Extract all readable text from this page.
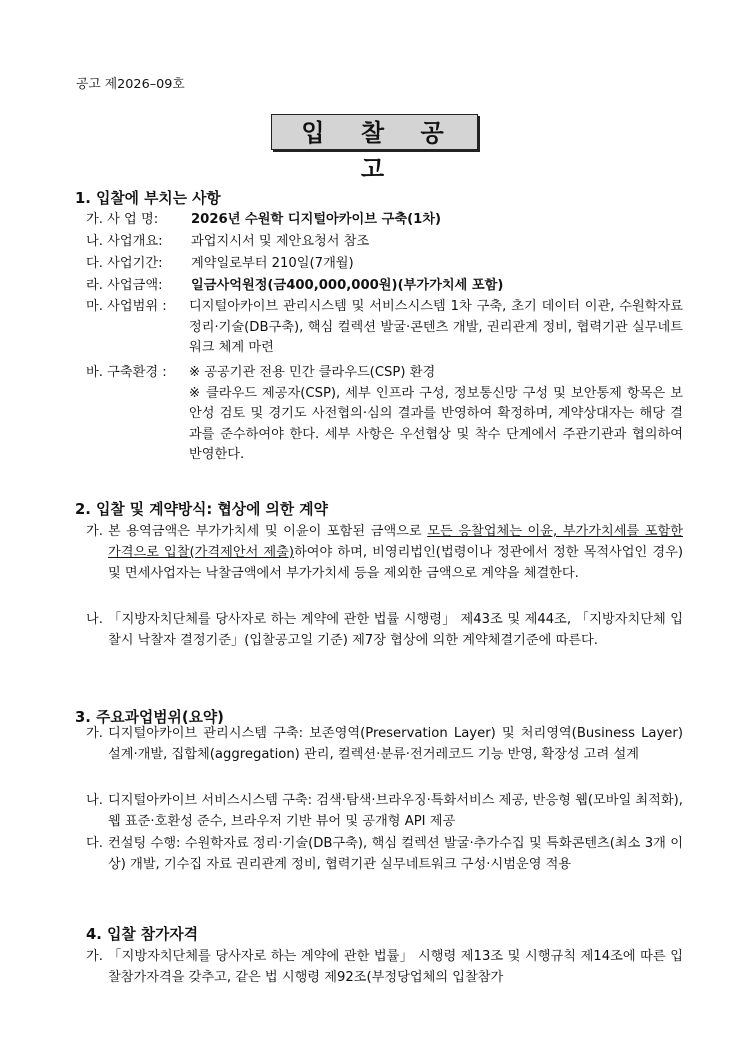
공고 제2026–09호
입 찰 공 고
1. 입찰에 부치는 사항
가. 사 업 명: 2026년 수원학 디지털아카이브 구축(1차)
나. 사업개요: 과업지시서 및 제안요청서 참조
다. 사업기간: 계약일로부터 210일(7개월)
라. 사업금액: 일금사억원정(금400,000,000원)(부가가치세 포함)
마. 사업범위 : 디지털아카이브 관리시스템 및 서비스시스템 1차 구축, 초기 데이터 이관, 수원학자료 정리·기술(DB구축), 핵심 컬렉션 발굴·콘텐츠 개발, 권리관계 정비, 협력기관 실무네트워크 체계 마련
바. 구축환경 : ※ 공공기관 전용 민간 클라우드(CSP) 환경
※ 클라우드 제공자(CSP), 세부 인프라 구성, 정보통신망 구성 및 보안통제 항목은 보안성 검토 및 경기도 사전협의·심의 결과를 반영하여 확정하며, 계약상대자는 해당 결과를 준수하여야 한다. 세부 사항은 우선협상 및 착수 단계에서 주관기관과 협의하여 반영한다.
2. 입찰 및 계약방식: 협상에 의한 계약
가. 본 용역금액은 부가가치세 및 이윤이 포함된 금액으로 모든 응찰업체는 이윤, 부가가치세를 포함한 가격으로 입찰(가격제안서 제출)하여야 하며, 비영리법인(법령이나 정관에서 정한 목적사업인 경우) 및 면세사업자는 낙찰금액에서 부가가치세 등을 제외한 금액으로 계약을 체결한다.
나. 「지방자치단체를 당사자로 하는 계약에 관한 법률 시행령」 제43조 및 제44조, 「지방자치단체 입찰시 낙찰자 결정기준」(입찰공고일 기준) 제7장 협상에 의한 계약체결기준에 따른다.
3. 주요과업범위(요약)
가. 디지털아카이브 관리시스템 구축: 보존영역(Preservation Layer) 및 처리영역(Business Layer) 설계·개발, 집합체(aggregation) 관리, 컬렉션·분류·전거레코드 기능 반영, 확장성 고려 설계
나. 디지털아카이브 서비스시스템 구축: 검색·탐색·브라우징·특화서비스 제공, 반응형 웹(모바일 최적화), 웹 표준·호환성 준수, 브라우저 기반 뷰어 및 공개형 API 제공
다. 컨설팅 수행: 수원학자료 정리·기술(DB구축), 핵심 컬렉션 발굴·추가수집 및 특화콘텐츠(최소 3개 이상) 개발, 기수집 자료 권리관계 정비, 협력기관 실무네트워크 구성·시범운영 적용
4. 입찰 참가자격
가. 「지방자치단체를 당사자로 하는 계약에 관한 법률」 시행령 제13조 및 시행규칙 제14조에 따른 입찰참가자격을 갖추고, 같은 법 시행령 제92조(부정당업체의 입찰참가
